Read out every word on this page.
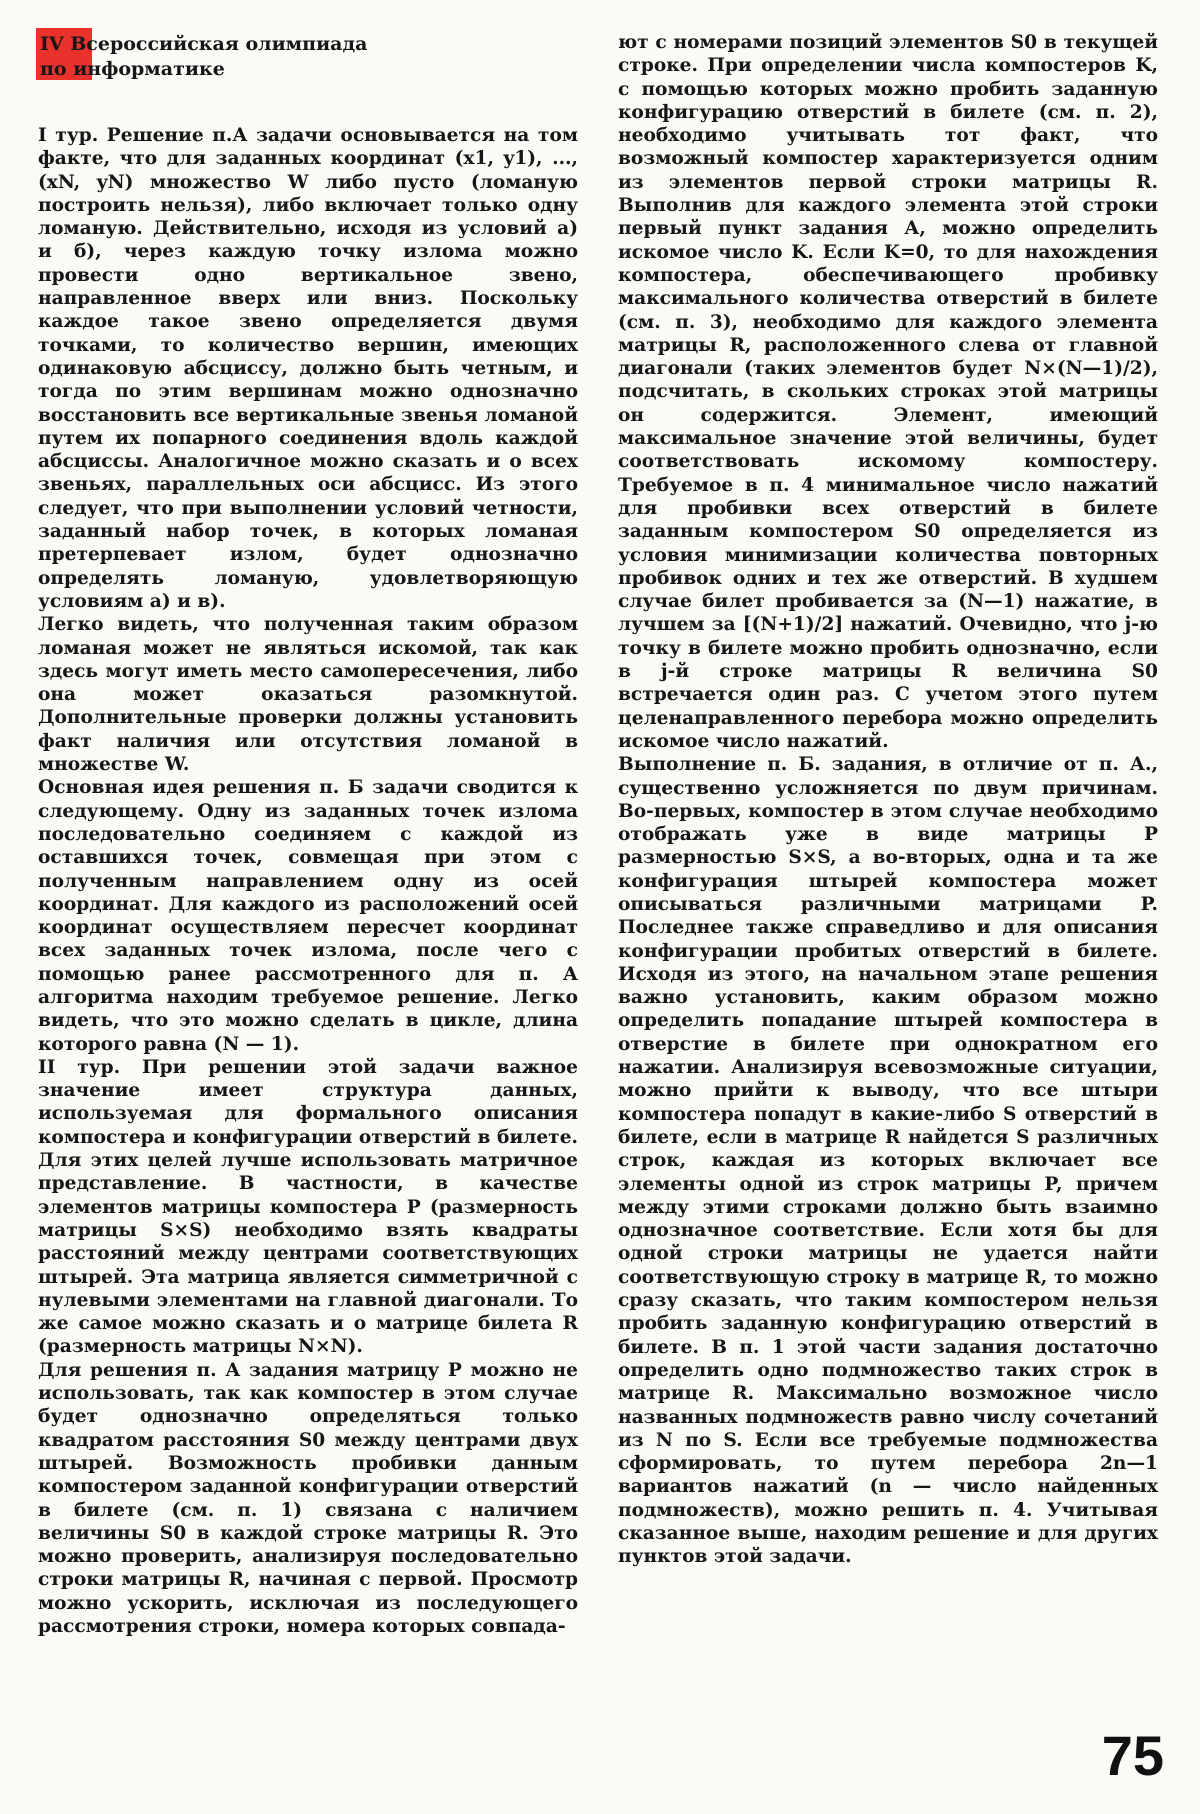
IV Всероссийская олимпиада
по информатике

I тур. Решение п.А задачи основывается на том факте, что для заданных координат (x1, y1), ..., (xN, yN) множество W либо пусто (ломаную построить нельзя), либо включает только одну ломаную. Действительно, исходя из условий а) и б), через каждую точку излома можно провести одно вертикальное звено, направленное вверх или вниз. Поскольку каждое такое звено определяется двумя точками, то количество вершин, имеющих одинаковую абсциссу, должно быть четным, и тогда по этим вершинам можно однозначно восстановить все вертикальные звенья ломаной путем их попарного соединения вдоль каждой абсциссы. Аналогичное можно сказать и о всех звеньях, параллельных оси абсцисс. Из этого следует, что при выполнении условий четности, заданный набор точек, в которых ломаная претерпевает излом, будет однозначно определять ломаную, удовлетворяющую условиям а) и в).

Легко видеть, что полученная таким образом ломаная может не являться искомой, так как здесь могут иметь место самопересечения, либо она может оказаться разомкнутой. Дополнительные проверки должны установить факт наличия или отсутствия ломаной в множестве W.

Основная идея решения п. Б задачи сводится к следующему. Одну из заданных точек излома последовательно соединяем с каждой из оставшихся точек, совмещая при этом с полученным направлением одну из осей координат. Для каждого из расположений осей координат осуществляем пересчет координат всех заданных точек излома, после чего с помощью ранее рассмотренного для п. А алгоритма находим требуемое решение. Легко видеть, что это можно сделать в цикле, длина которого равна (N — 1).

II тур. При решении этой задачи важное значение имеет структура данных, используемая для формального описания компостера и конфигурации отверстий в билете. Для этих целей лучше использовать матричное представление. В частности, в качестве элементов матрицы компостера P (размерность матрицы S×S) необходимо взять квадраты расстояний между центрами соответствующих штырей. Эта матрица является симметричной с нулевыми элементами на главной диагонали. То же самое можно сказать и о матрице билета R (размерность матрицы N×N).

Для решения п. А задания матрицу P можно не использовать, так как компостер в этом случае будет однозначно определяться только квадратом расстояния S0 между центрами двух штырей. Возможность пробивки данным компостером заданной конфигурации отверстий в билете (см. п. 1) связана с наличием величины S0 в каждой строке матрицы R. Это можно проверить, анализируя последовательно строки матрицы R, начиная с первой. Просмотр можно ускорить, исключая из последующего рассмотрения строки, номера которых совпада-

ют с номерами позиций элементов S0 в текущей строке. При определении числа компостеров K, с помощью которых можно пробить заданную конфигурацию отверстий в билете (см. п. 2), необходимо учитывать тот факт, что возможный компостер характеризуется одним из элементов первой строки матрицы R. Выполнив для каждого элемента этой строки первый пункт задания А, можно определить искомое число K. Если K=0, то для нахождения компостера, обеспечивающего пробивку максимального количества отверстий в билете (см. п. 3), необходимо для каждого элемента матрицы R, расположенного слева от главной диагонали (таких элементов будет N×(N—1)/2), подсчитать, в скольких строках этой матрицы он содержится. Элемент, имеющий максимальное значение этой величины, будет соответствовать искомому компостеру. Требуемое в п. 4 минимальное число нажатий для пробивки всех отверстий в билете заданным компостером S0 определяется из условия минимизации количества повторных пробивок одних и тех же отверстий. В худшем случае билет пробивается за (N—1) нажатие, в лучшем за [(N+1)/2] нажатий. Очевидно, что j-ю точку в билете можно пробить однозначно, если в j-й строке матрицы R величина S0 встречается один раз. С учетом этого путем целенаправленного перебора можно определить искомое число нажатий.

Выполнение п. Б. задания, в отличие от п. А., существенно усложняется по двум причинам. Во-первых, компостер в этом случае необходимо отображать уже в виде матрицы P размерностью S×S, а во-вторых, одна и та же конфигурация штырей компостера может описываться различными матрицами P. Последнее также справедливо и для описания конфигурации пробитых отверстий в билете. Исходя из этого, на начальном этапе решения важно установить, каким образом можно определить попадание штырей компостера в отверстие в билете при однократном его нажатии. Анализируя всевозможные ситуации, можно прийти к выводу, что все штыри компостера попадут в какие-либо S отверстий в билете, если в матрице R найдется S различных строк, каждая из которых включает все элементы одной из строк матрицы P, причем между этими строками должно быть взаимно однозначное соответствие. Если хотя бы для одной строки матрицы не удается найти соответствующую строку в матрице R, то можно сразу сказать, что таким компостером нельзя пробить заданную конфигурацию отверстий в билете. В п. 1 этой части задания достаточно определить одно подмножество таких строк в матрице R. Максимально возможное число названных подмножеств равно числу сочетаний из N по S. Если все требуемые подмножества сформировать, то путем перебора 2n—1 вариантов нажатий (n — число найденных подмножеств), можно решить п. 4. Учитывая сказанное выше, находим решение и для других пунктов этой задачи.

75
